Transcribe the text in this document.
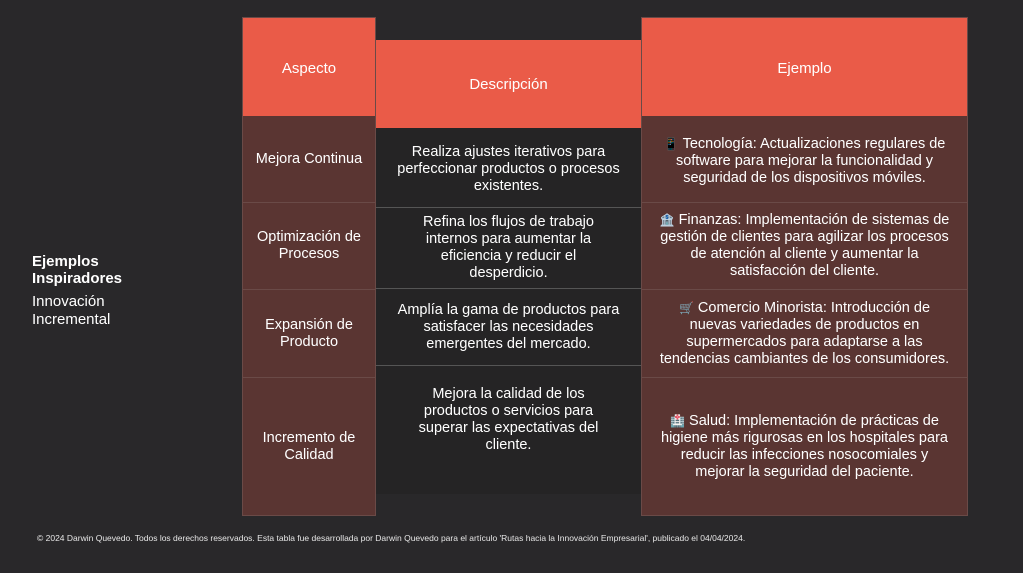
Ejemplos Inspiradores
Innovación Incremental
Aspecto
Mejora Continua
Optimización de Procesos
Expansión de Producto
Incremento de Calidad
Descripción
Realiza ajustes iterativos para perfeccionar productos o procesos existentes.
Refina los flujos de trabajo internos para aumentar la eficiencia y reducir el desperdicio.
Amplía la gama de productos para satisfacer las necesidades emergentes del mercado.
Mejora la calidad de los productos o servicios para superar las expectativas del cliente.
Ejemplo
📱 Tecnología: Actualizaciones regulares de software para mejorar la funcionalidad y seguridad de los dispositivos móviles.
🏦 Finanzas: Implementación de sistemas de gestión de clientes para agilizar los procesos de atención al cliente y aumentar la satisfacción del cliente.
🛒 Comercio Minorista: Introducción de nuevas variedades de productos en supermercados para adaptarse a las tendencias cambiantes de los consumidores.
🏥 Salud: Implementación de prácticas de higiene más rigurosas en los hospitales para reducir las infecciones nosocomiales y mejorar la seguridad del paciente.
© 2024 Darwin Quevedo. Todos los derechos reservados. Esta tabla fue desarrollada por Darwin Quevedo para el artículo 'Rutas hacia la Innovación Empresarial', publicado el 04/04/2024.
